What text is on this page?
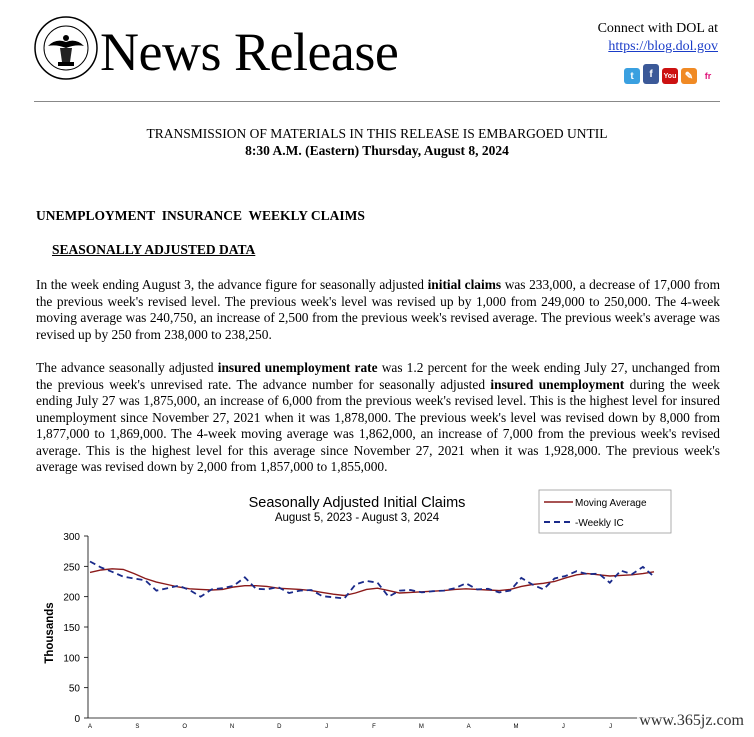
News Release	Connect with DOL at
https://blog.dol.gov
t	f	You ✎	fr
TRANSMISSION OF MATERIALS IN THIS RELEASE IS EMBARGOED UNTIL
8:30 A.M. (Eastern) Thursday, August 8, 2024
UNEMPLOYMENT  INSURANCE  WEEKLY CLAIMS
SEASONALLY ADJUSTED DATA
In the week ending August 3, the advance figure for seasonally adjusted initial claims was 233,000, a decrease of 17,000 from the previous week's revised level. The previous week's level was revised up by 1,000 from 249,000 to 250,000. The 4-week moving average was 240,750, an increase of 2,500 from the previous week's revised average. The previous week's average was revised up by 250 from 238,000 to 238,250.
The advance seasonally adjusted insured unemployment rate was 1.2 percent for the week ending July 27, unchanged from the previous week's unrevised rate. The advance number for seasonally adjusted insured unemployment during the week ending July 27 was 1,875,000, an increase of 6,000 from the previous week's revised level. This is the highest level for insured unemployment since November 27, 2021 when it was 1,878,000. The previous week's level was revised down by 8,000 from 1,877,000 to 1,869,000. The 4-week moving average was 1,862,000, an increase of 7,000 from the previous week's revised average. This is the highest level for this average since November 27, 2021 when it was 1,928,000. The previous week's average was revised down by 2,000 from 1,857,000 to 1,855,000.
Seasonally Adjusted Initial Claims
August 5, 2023 - August 3, 2024
Moving Average
-Weekly IC
Thousands
0
50
100
150
200
250
300
A	S	O	N	D	J	F	M	A	M	J	J www.365jz.com
